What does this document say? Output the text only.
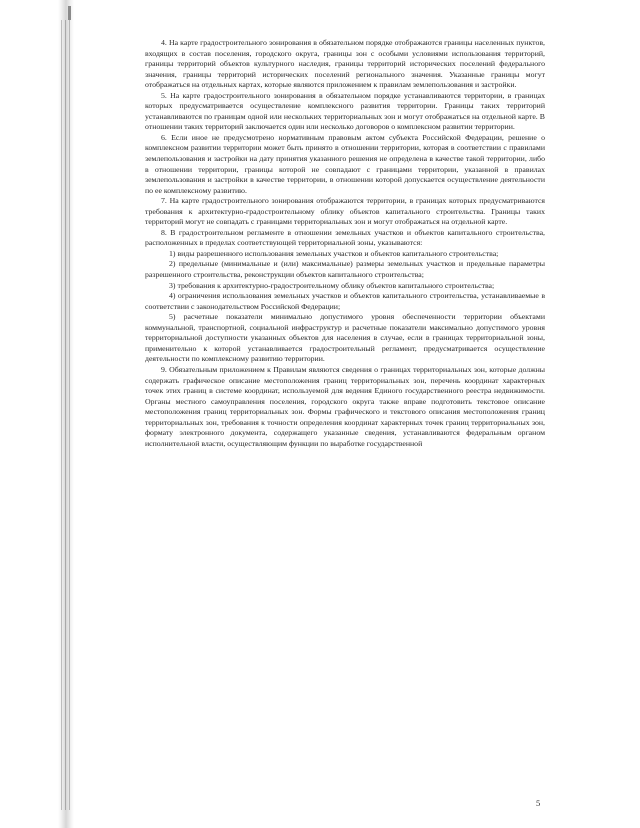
4. На карте градостроительного зонирования в обязательном порядке отображаются границы населенных пунктов, входящих в состав поселения, городского округа, границы зон с особыми условиями использования территорий, границы территорий объектов культурного наследия, границы территорий исторических поселений федерального значения, границы территорий исторических поселений регионального значения. Указанные границы могут отображаться на отдельных картах, которые являются приложением к правилам землепользования и застройки.

5. На карте градостроительного зонирования в обязательном порядке устанавливаются территории, в границах которых предусматривается осуществление комплексного развития территории. Границы таких территорий устанавливаются по границам одной или нескольких территориальных зон и могут отображаться на отдельной карте. В отношении таких территорий заключается один или несколько договоров о комплексном развитии территории.

6. Если иное не предусмотрено нормативным правовым актом субъекта Российской Федерации, решение о комплексном развитии территории может быть принято в отношении территории, которая в соответствии с правилами землепользования и застройки на дату принятия указанного решения не определена в качестве такой территории, либо в отношении территории, границы которой не совпадают с границами территории, указанной в правилах землепользования и застройки в качестве территории, в отношении которой допускается осуществление деятельности по ее комплексному развитию.

7. На карте градостроительного зонирования отображаются территории, в границах которых предусматриваются требования к архитектурно-градостроительному облику объектов капитального строительства. Границы таких территорий могут не совпадать с границами территориальных зон и могут отображаться на отдельной карте.

8. В градостроительном регламенте в отношении земельных участков и объектов капитального строительства, расположенных в пределах соответствующей территориальной зоны, указываются:

1) виды разрешенного использования земельных участков и объектов капитального строительства;

2) предельные (минимальные и (или) максимальные) размеры земельных участков и предельные параметры разрешенного строительства, реконструкции объектов капитального строительства;

3) требования к архитектурно-градостроительному облику объектов капитального строительства;

4) ограничения использования земельных участков и объектов капитального строительства, устанавливаемые в соответствии с законодательством Российской Федерации;

5) расчетные показатели минимально допустимого уровня обеспеченности территории объектами коммунальной, транспортной, социальной инфраструктур и расчетные показатели максимально допустимого уровня территориальной доступности указанных объектов для населения в случае, если в границах территориальной зоны, применительно к которой устанавливается градостроительный регламент, предусматривается осуществление деятельности по комплексному развитию территории.

9. Обязательным приложением к Правилам являются сведения о границах территориальных зон, которые должны содержать графическое описание местоположения границ территориальных зон, перечень координат характерных точек этих границ в системе координат, используемой для ведения Единого государственного реестра недвижимости. Органы местного самоуправления поселения, городского округа также вправе подготовить текстовое описание местоположения границ территориальных зон. Формы графического и текстового описания местоположения границ территориальных зон, требования к точности определения координат характерных точек границ территориальных зон, формату электронного документа, содержащего указанные сведения, устанавливаются федеральным органом исполнительной власти, осуществляющим функции по выработке государственной

5
